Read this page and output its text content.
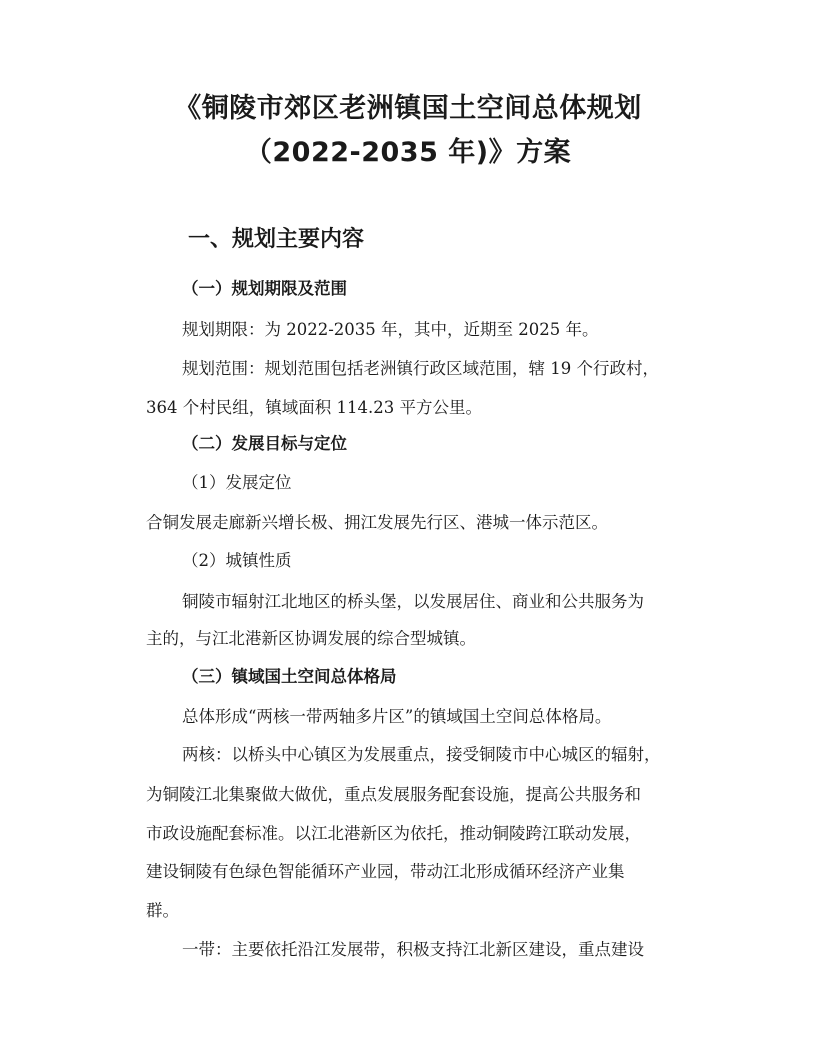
《铜陵市郊区老洲镇国土空间总体规划
（2022-2035 年)》方案
一、规划主要内容
（一）规划期限及范围
规划期限：为 2022-2035 年，其中，近期至 2025 年。
规划范围：规划范围包括老洲镇行政区域范围，辖 19 个行政村，
364 个村民组，镇域面积 114.23 平方公里。
（二）发展目标与定位
（1）发展定位
合铜发展走廊新兴增长极、拥江发展先行区、港城一体示范区。
（2）城镇性质
铜陵市辐射江北地区的桥头堡，以发展居住、商业和公共服务为
主的，与江北港新区协调发展的综合型城镇。
（三）镇域国土空间总体格局
总体形成“两核一带两轴多片区”的镇域国土空间总体格局。
两核：以桥头中心镇区为发展重点，接受铜陵市中心城区的辐射，
为铜陵江北集聚做大做优，重点发展服务配套设施，提高公共服务和
市政设施配套标准。以江北港新区为依托，推动铜陵跨江联动发展，
建设铜陵有色绿色智能循环产业园，带动江北形成循环经济产业集
群。
一带：主要依托沿江发展带，积极支持江北新区建设，重点建设
